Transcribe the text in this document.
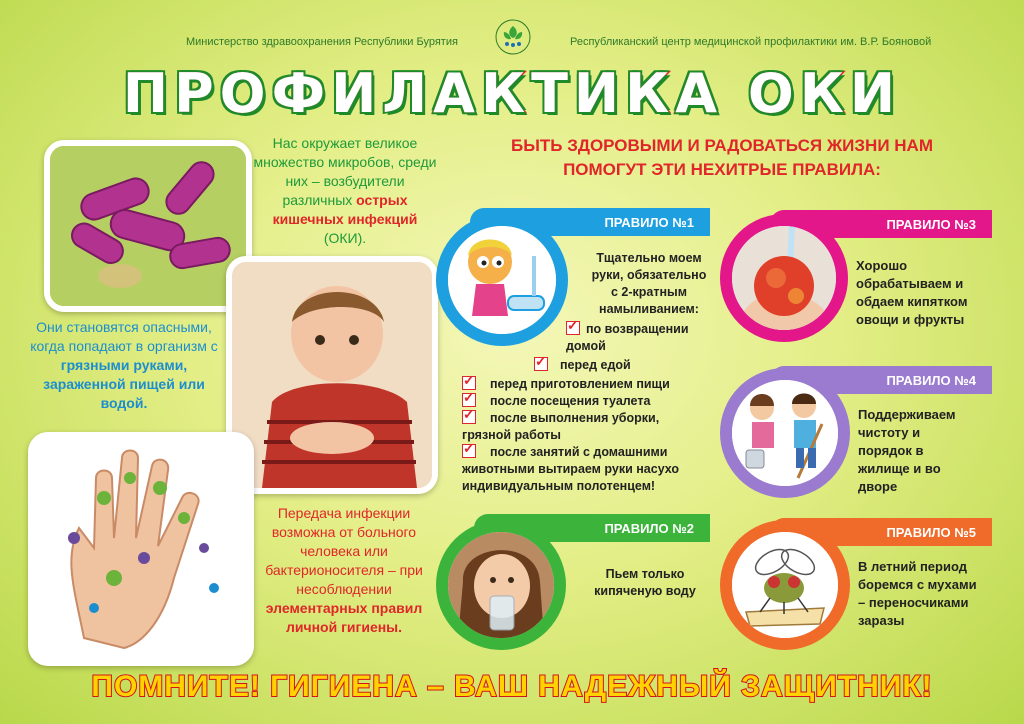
Министерство здравоохранения Республики Бурятия	Республиканский центр медицинской профилактики им. В.Р. Бояновой
ПРОФИЛАКТИКА ОКИ
Нас окружает великое множество микробов, среди них – возбудители различных острых кишечных инфекций (ОКИ).
Они становятся опасными, когда попадают в организм с грязными руками, зараженной пищей или водой.
Передача инфекции возможна от больного человека или бактерионосителя – при несоблюдении элементарных правил личной гигиены.
БЫТЬ ЗДОРОВЫМИ И РАДОВАТЬСЯ ЖИЗНИ НАМ
ПОМОГУТ ЭТИ НЕХИТРЫЕ ПРАВИЛА:
ПРАВИЛО №1
Тщательно моем
руки, обязательно
с 2-кратным
намыливанием:
✓по возвращении
домой
✓перед едой
✓перед приготовлением пищи
✓после посещения туалета
✓после выполнения уборки,
грязной работы
✓после занятий с домашними
животными вытираем руки насухо
индивидуальным полотенцем!
ПРАВИЛО №2
Пьем только
кипяченую воду
ПРАВИЛО №3
Хорошо
обрабатываем и
обдаем кипятком
овощи и фрукты
ПРАВИЛО №4
Поддерживаем
чистоту и
порядок в
жилище и во
дворе
ПРАВИЛО №5
В летний период
боремся с мухами
– переносчиками
заразы
ПОМНИТЕ! ГИГИЕНА – ВАШ НАДЕЖНЫЙ ЗАЩИТНИК!
